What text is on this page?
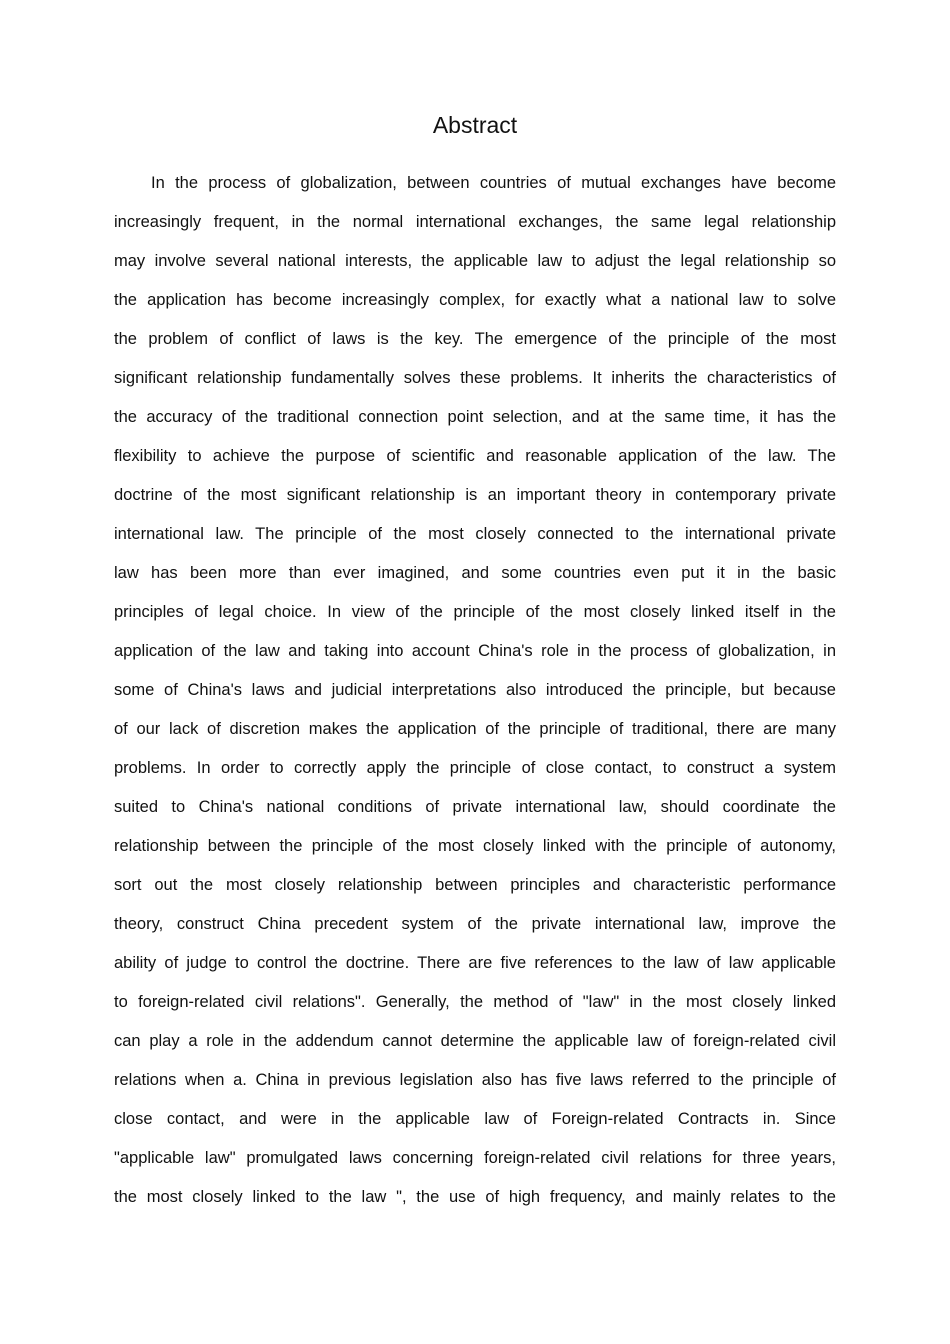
Abstract
In the process of globalization, between countries of mutual exchanges have become
increasingly frequent, in the normal international exchanges, the same legal relationship
may involve several national interests, the applicable law to adjust the legal relationship so
the application has become increasingly complex, for exactly what a national law to solve
the problem of conflict of laws is the key. The emergence of the principle of the most
significant relationship fundamentally solves these problems. It inherits the characteristics of
the accuracy of the traditional connection point selection, and at the same time, it has the
flexibility to achieve the purpose of scientific and reasonable application of the law. The
doctrine of the most significant relationship is an important theory in contemporary private
international law. The principle of the most closely connected to the international private
law has been more than ever imagined, and some countries even put it in the basic
principles of legal choice. In view of the principle of the most closely linked itself in the
application of the law and taking into account China's role in the process of globalization, in
some of China's laws and judicial interpretations also introduced the principle, but because
of our lack of discretion makes the application of the principle of traditional, there are many
problems. In order to correctly apply the principle of close contact, to construct a system
suited to China's national conditions of private international law, should coordinate the
relationship between the principle of the most closely linked with the principle of autonomy,
sort out the most closely relationship between principles and characteristic performance
theory, construct China precedent system of the private international law, improve the
ability of judge to control the doctrine. There are five references to the law of law applicable
to foreign-related civil relations". Generally, the method of "law" in the most closely linked
can play a role in the addendum cannot determine the applicable law of foreign-related civil
relations when a. China in previous legislation also has five laws referred to the principle of
close contact, and were in the applicable law of Foreign-related Contracts in. Since
"applicable law" promulgated laws concerning foreign-related civil relations for three years,
the most closely linked to the law ", the use of high frequency, and mainly relates to the
